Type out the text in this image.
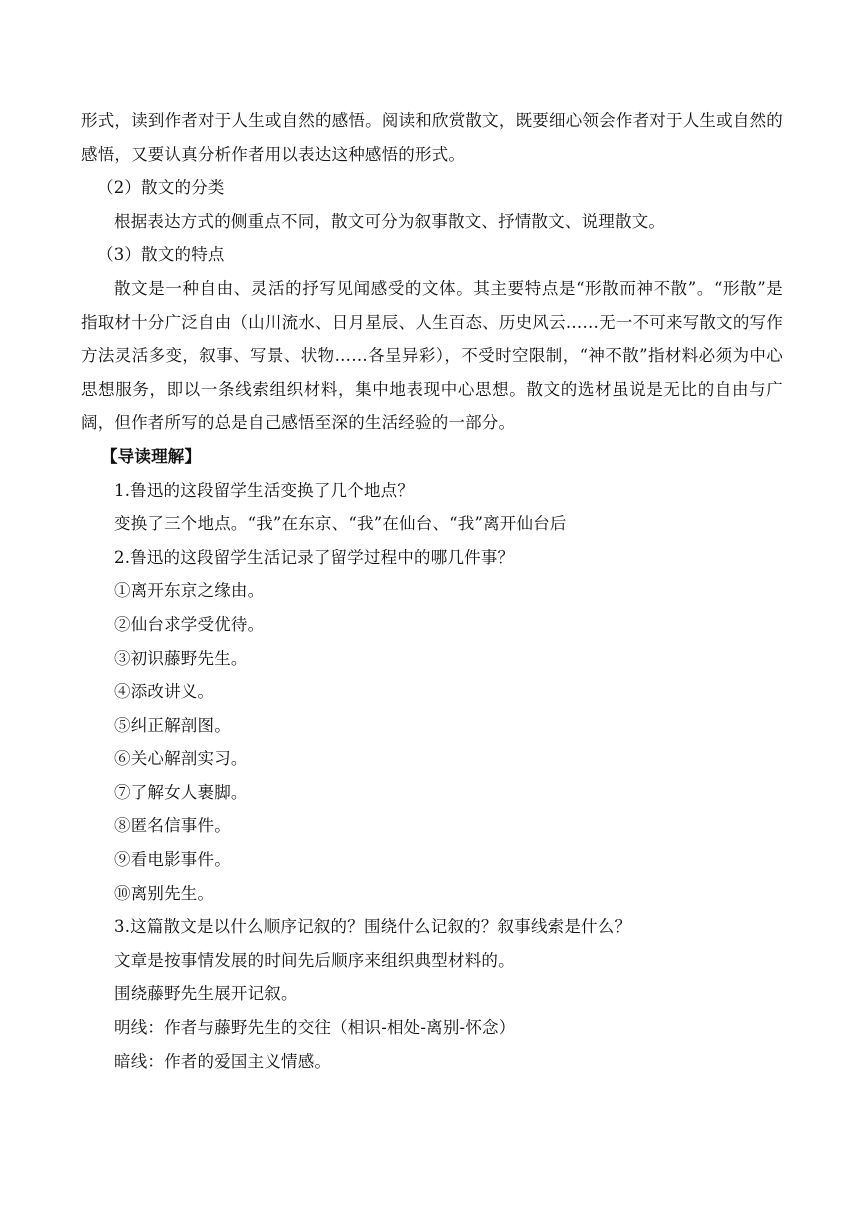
形式，读到作者对于人生或自然的感悟。阅读和欣赏散文，既要细心领会作者对于人生或自然的感悟，又要认真分析作者用以表达这种感悟的形式。
（2）散文的分类
根据表达方式的侧重点不同，散文可分为叙事散文、抒情散文、说理散文。
（3）散文的特点
散文是一种自由、灵活的抒写见闻感受的文体。其主要特点是“形散而神不散”。“形散”是指取材十分广泛自由（山川流水、日月星辰、人生百态、历史风云……无一不可来写散文的写作方法灵活多变，叙事、写景、状物……各呈异彩），不受时空限制，“神不散”指材料必须为中心思想服务，即以一条线索组织材料，集中地表现中心思想。散文的选材虽说是无比的自由与广阔，但作者所写的总是自己感悟至深的生活经验的一部分。
【导读理解】
1.鲁迅的这段留学生活变换了几个地点？
变换了三个地点。“我”在东京、“我”在仙台、“我”离开仙台后
2.鲁迅的这段留学生活记录了留学过程中的哪几件事？
①离开东京之缘由。
②仙台求学受优待。
③初识藤野先生。
④添改讲义。
⑤纠正解剖图。
⑥关心解剖实习。
⑦了解女人裹脚。
⑧匿名信事件。
⑨看电影事件。
⑩离别先生。
3.这篇散文是以什么顺序记叙的？围绕什么记叙的？叙事线索是什么？
文章是按事情发展的时间先后顺序来组织典型材料的。
围绕藤野先生展开记叙。
明线：作者与藤野先生的交往（相识-相处-离别-怀念）
暗线：作者的爱国主义情感。
